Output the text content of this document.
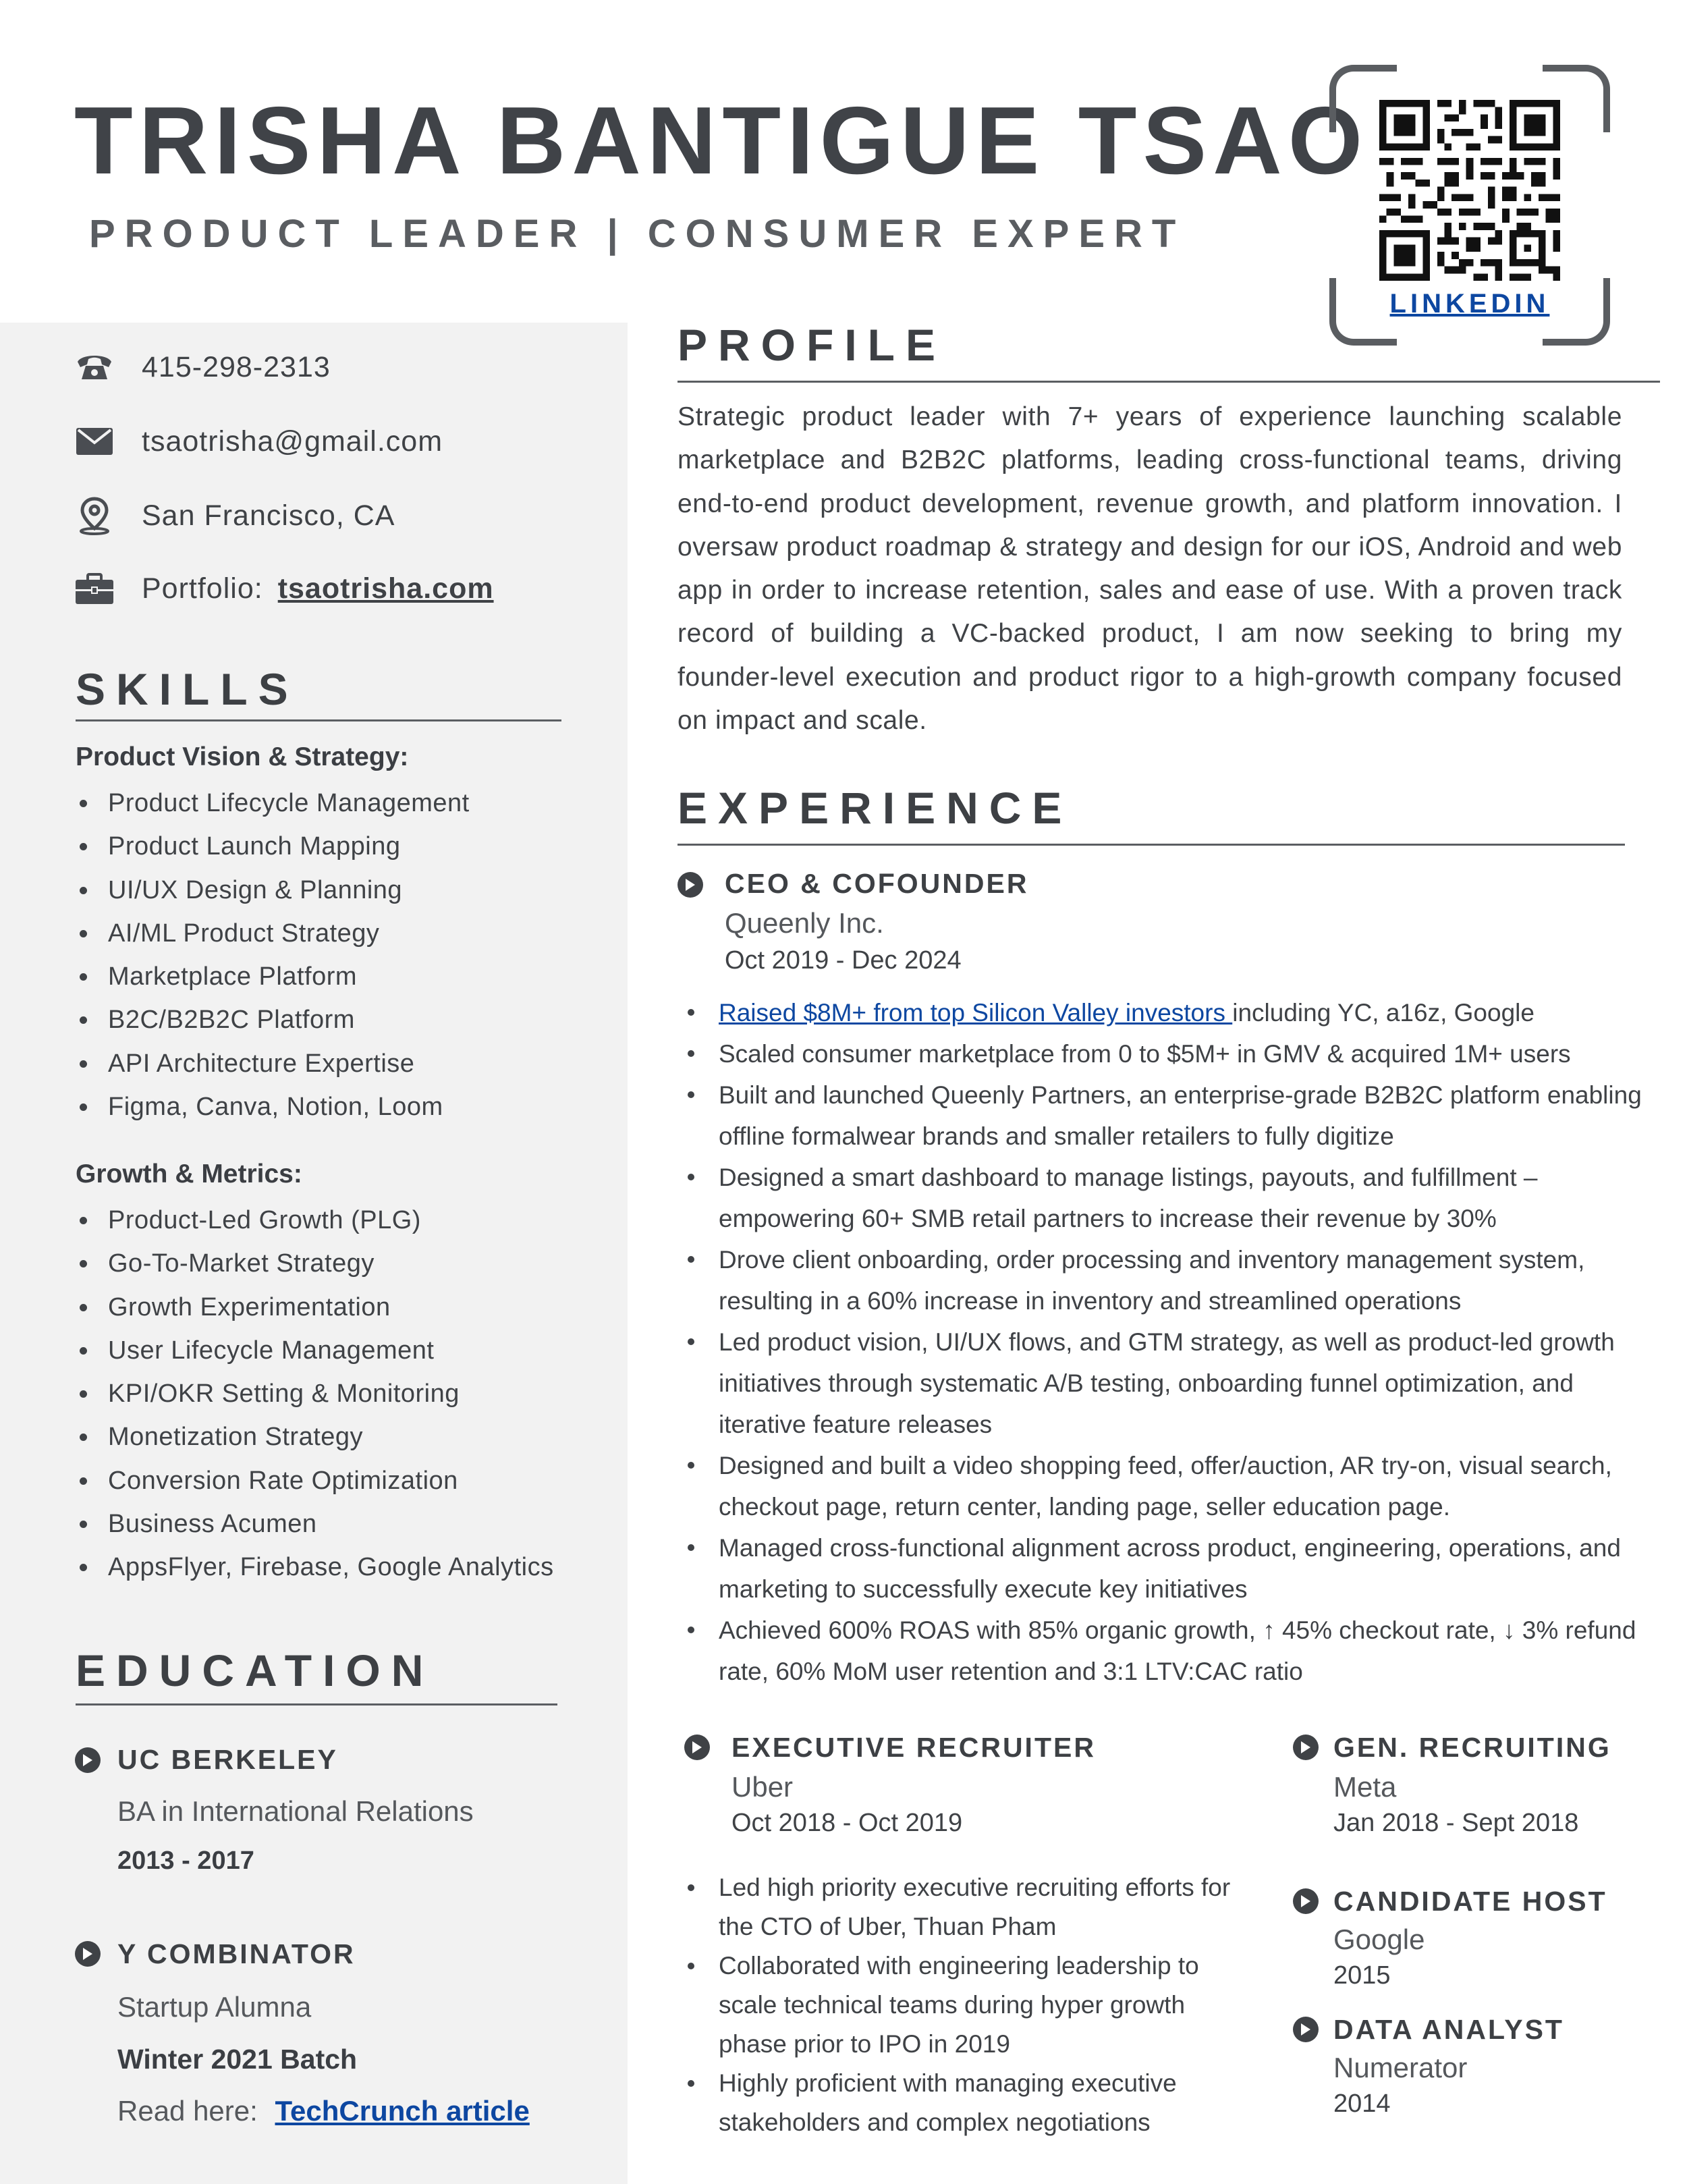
TRISHA BANTIGUE TSAO
PRODUCT LEADER | CONSUMER EXPERT
LINKEDIN
415-298-2313
tsaotrisha@gmail.com
San Francisco, CA
Portfolio: tsaotrisha.com
SKILLS
Product Vision & Strategy:
Product Lifecycle Management
Product Launch Mapping
UI/UX Design & Planning
AI/ML Product Strategy
Marketplace Platform
B2C/B2B2C Platform
API Architecture Expertise
Figma, Canva, Notion, Loom
Growth & Metrics:
Product-Led Growth (PLG)
Go-To-Market Strategy
Growth Experimentation
User Lifecycle Management
KPI/OKR Setting & Monitoring
Monetization Strategy
Conversion Rate Optimization
Business Acumen
AppsFlyer, Firebase, Google Analytics
EDUCATION
UC BERKELEY
BA in International Relations
2013 - 2017
Y COMBINATOR
Startup Alumna
Winter 2021 Batch
Read here: TechCrunch article
PROFILE

Strategic product leader with 7+ years of experience launching scalable marketplace and B2B2C platforms, leading cross-functional teams, driving end-to-end product development, revenue growth, and platform innovation. I oversaw product roadmap & strategy and design for our iOS, Android and web app in order to increase retention, sales and ease of use. With a proven track record of building a VC-backed product, I am now seeking to bring my founder-level execution and product rigor to a high-growth company focused on impact and scale.

EXPERIENCE
CEO & COFOUNDER
Queenly Inc.
Oct 2019 - Dec 2024
Raised $8M+ from top Silicon Valley investors including YC, a16z, Google
Scaled consumer marketplace from 0 to $5M+ in GMV & acquired 1M+ users
Built and launched Queenly Partners, an enterprise-grade B2B2C platform enabling offline formalwear brands and smaller retailers to fully digitize
Designed a smart dashboard to manage listings, payouts, and fulfillment – empowering 60+ SMB retail partners to increase their revenue by 30%
Drove client onboarding, order processing and inventory management system, resulting in a 60% increase in inventory and streamlined operations
Led product vision, UI/UX flows, and GTM strategy, as well as product-led growth initiatives through systematic A/B testing, onboarding funnel optimization, and iterative feature releases
Designed and built a video shopping feed, offer/auction, AR try-on, visual search, checkout page, return center, landing page, seller education page.
Managed cross-functional alignment across product, engineering, operations, and marketing to successfully execute key initiatives
Achieved 600% ROAS with 85% organic growth, ↑ 45% checkout rate, ↓ 3% refund rate, 60% MoM user retention and 3:1 LTV:CAC ratio
EXECUTIVE RECRUITER
Uber
Oct 2018 - Oct 2019
Led high priority executive recruiting efforts for the CTO of Uber, Thuan Pham
Collaborated with engineering leadership to scale technical teams during hyper growth phase prior to IPO in 2019
Highly proficient with managing executive stakeholders and complex negotiations
GEN. RECRUITING
Meta
Jan 2018 - Sept 2018
CANDIDATE HOST
Google
2015
DATA ANALYST
Numerator
2014
